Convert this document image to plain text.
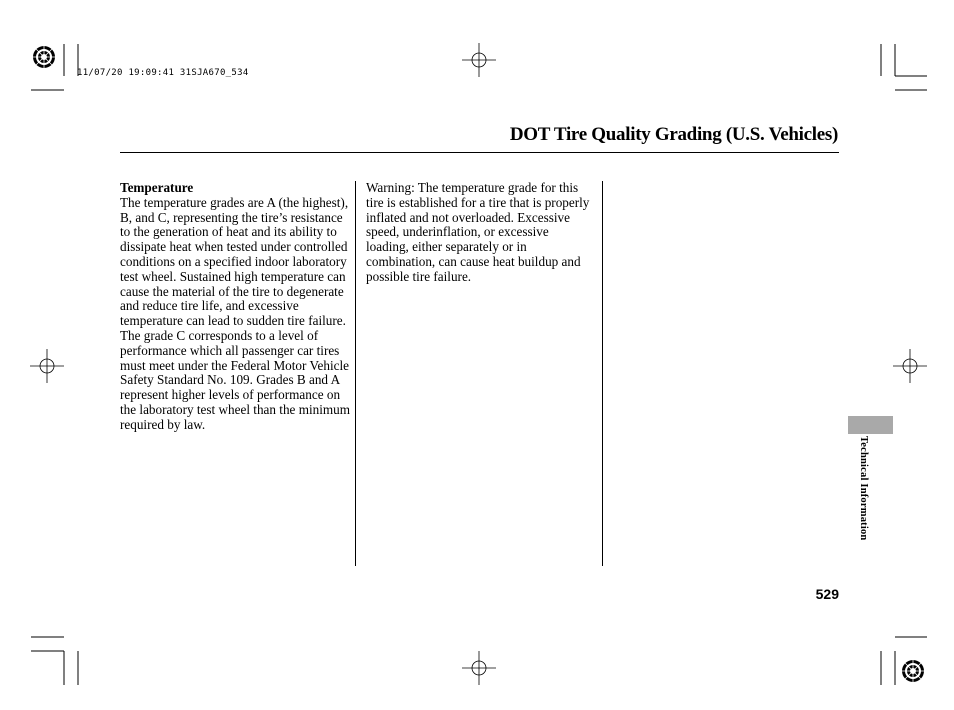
11/07/20 19:09:41 31SJA670_534
DOT Tire Quality Grading (U.S. Vehicles)
Temperature
The temperature grades are A (the highest), B, and C, representing the tire’s resistance to the generation of heat and its ability to dissipate heat when tested under controlled conditions on a specified indoor laboratory test wheel. Sustained high temperature can cause the material of the tire to degenerate and reduce tire life, and excessive temperature can lead to sudden tire failure. The grade C corresponds to a level of performance which all passenger car tires must meet under the Federal Motor Vehicle Safety Standard No. 109. Grades B and A represent higher levels of performance on the laboratory test wheel than the minimum required by law.
Warning: The temperature grade for this tire is established for a tire that is properly inflated and not overloaded. Excessive speed, underinflation, or excessive loading, either separately or in combination, can cause heat buildup and possible tire failure.
Technical Information
529
